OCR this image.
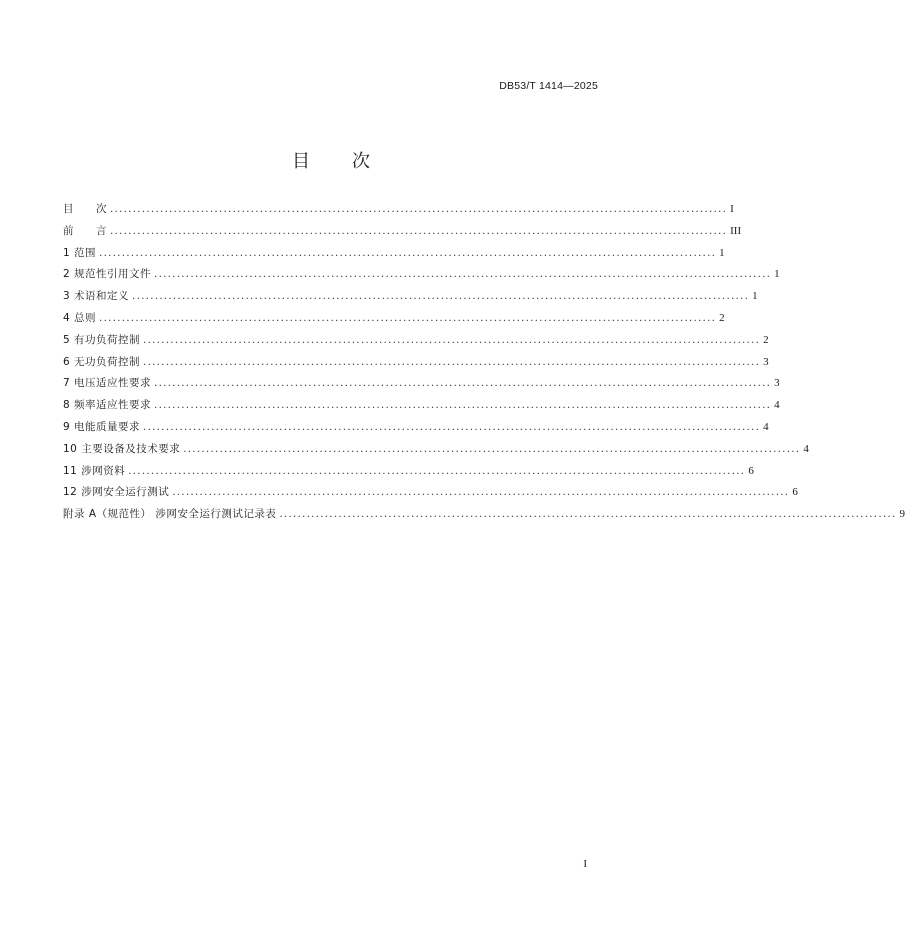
DB53/T 1414—2025

目 次
目　　次 ........................................................................................................................................ I
前　　言 ........................................................................................................................................ III
1 范围 ........................................................................................................................................ 1
2 规范性引用文件 ........................................................................................................................................ 1
3 术语和定义 ........................................................................................................................................ 1
4 总则 ........................................................................................................................................ 2
5 有功负荷控制 ........................................................................................................................................ 2
6 无功负荷控制 ........................................................................................................................................ 3
7 电压适应性要求 ........................................................................................................................................ 3
8 频率适应性要求 ........................................................................................................................................ 4
9 电能质量要求 ........................................................................................................................................ 4
10 主要设备及技术要求 ........................................................................................................................................ 4
11 涉网资料 ........................................................................................................................................ 6
12 涉网安全运行测试 ........................................................................................................................................ 6
附录 A（规范性） 涉网安全运行测试记录表 ........................................................................................................................................ 9

I
